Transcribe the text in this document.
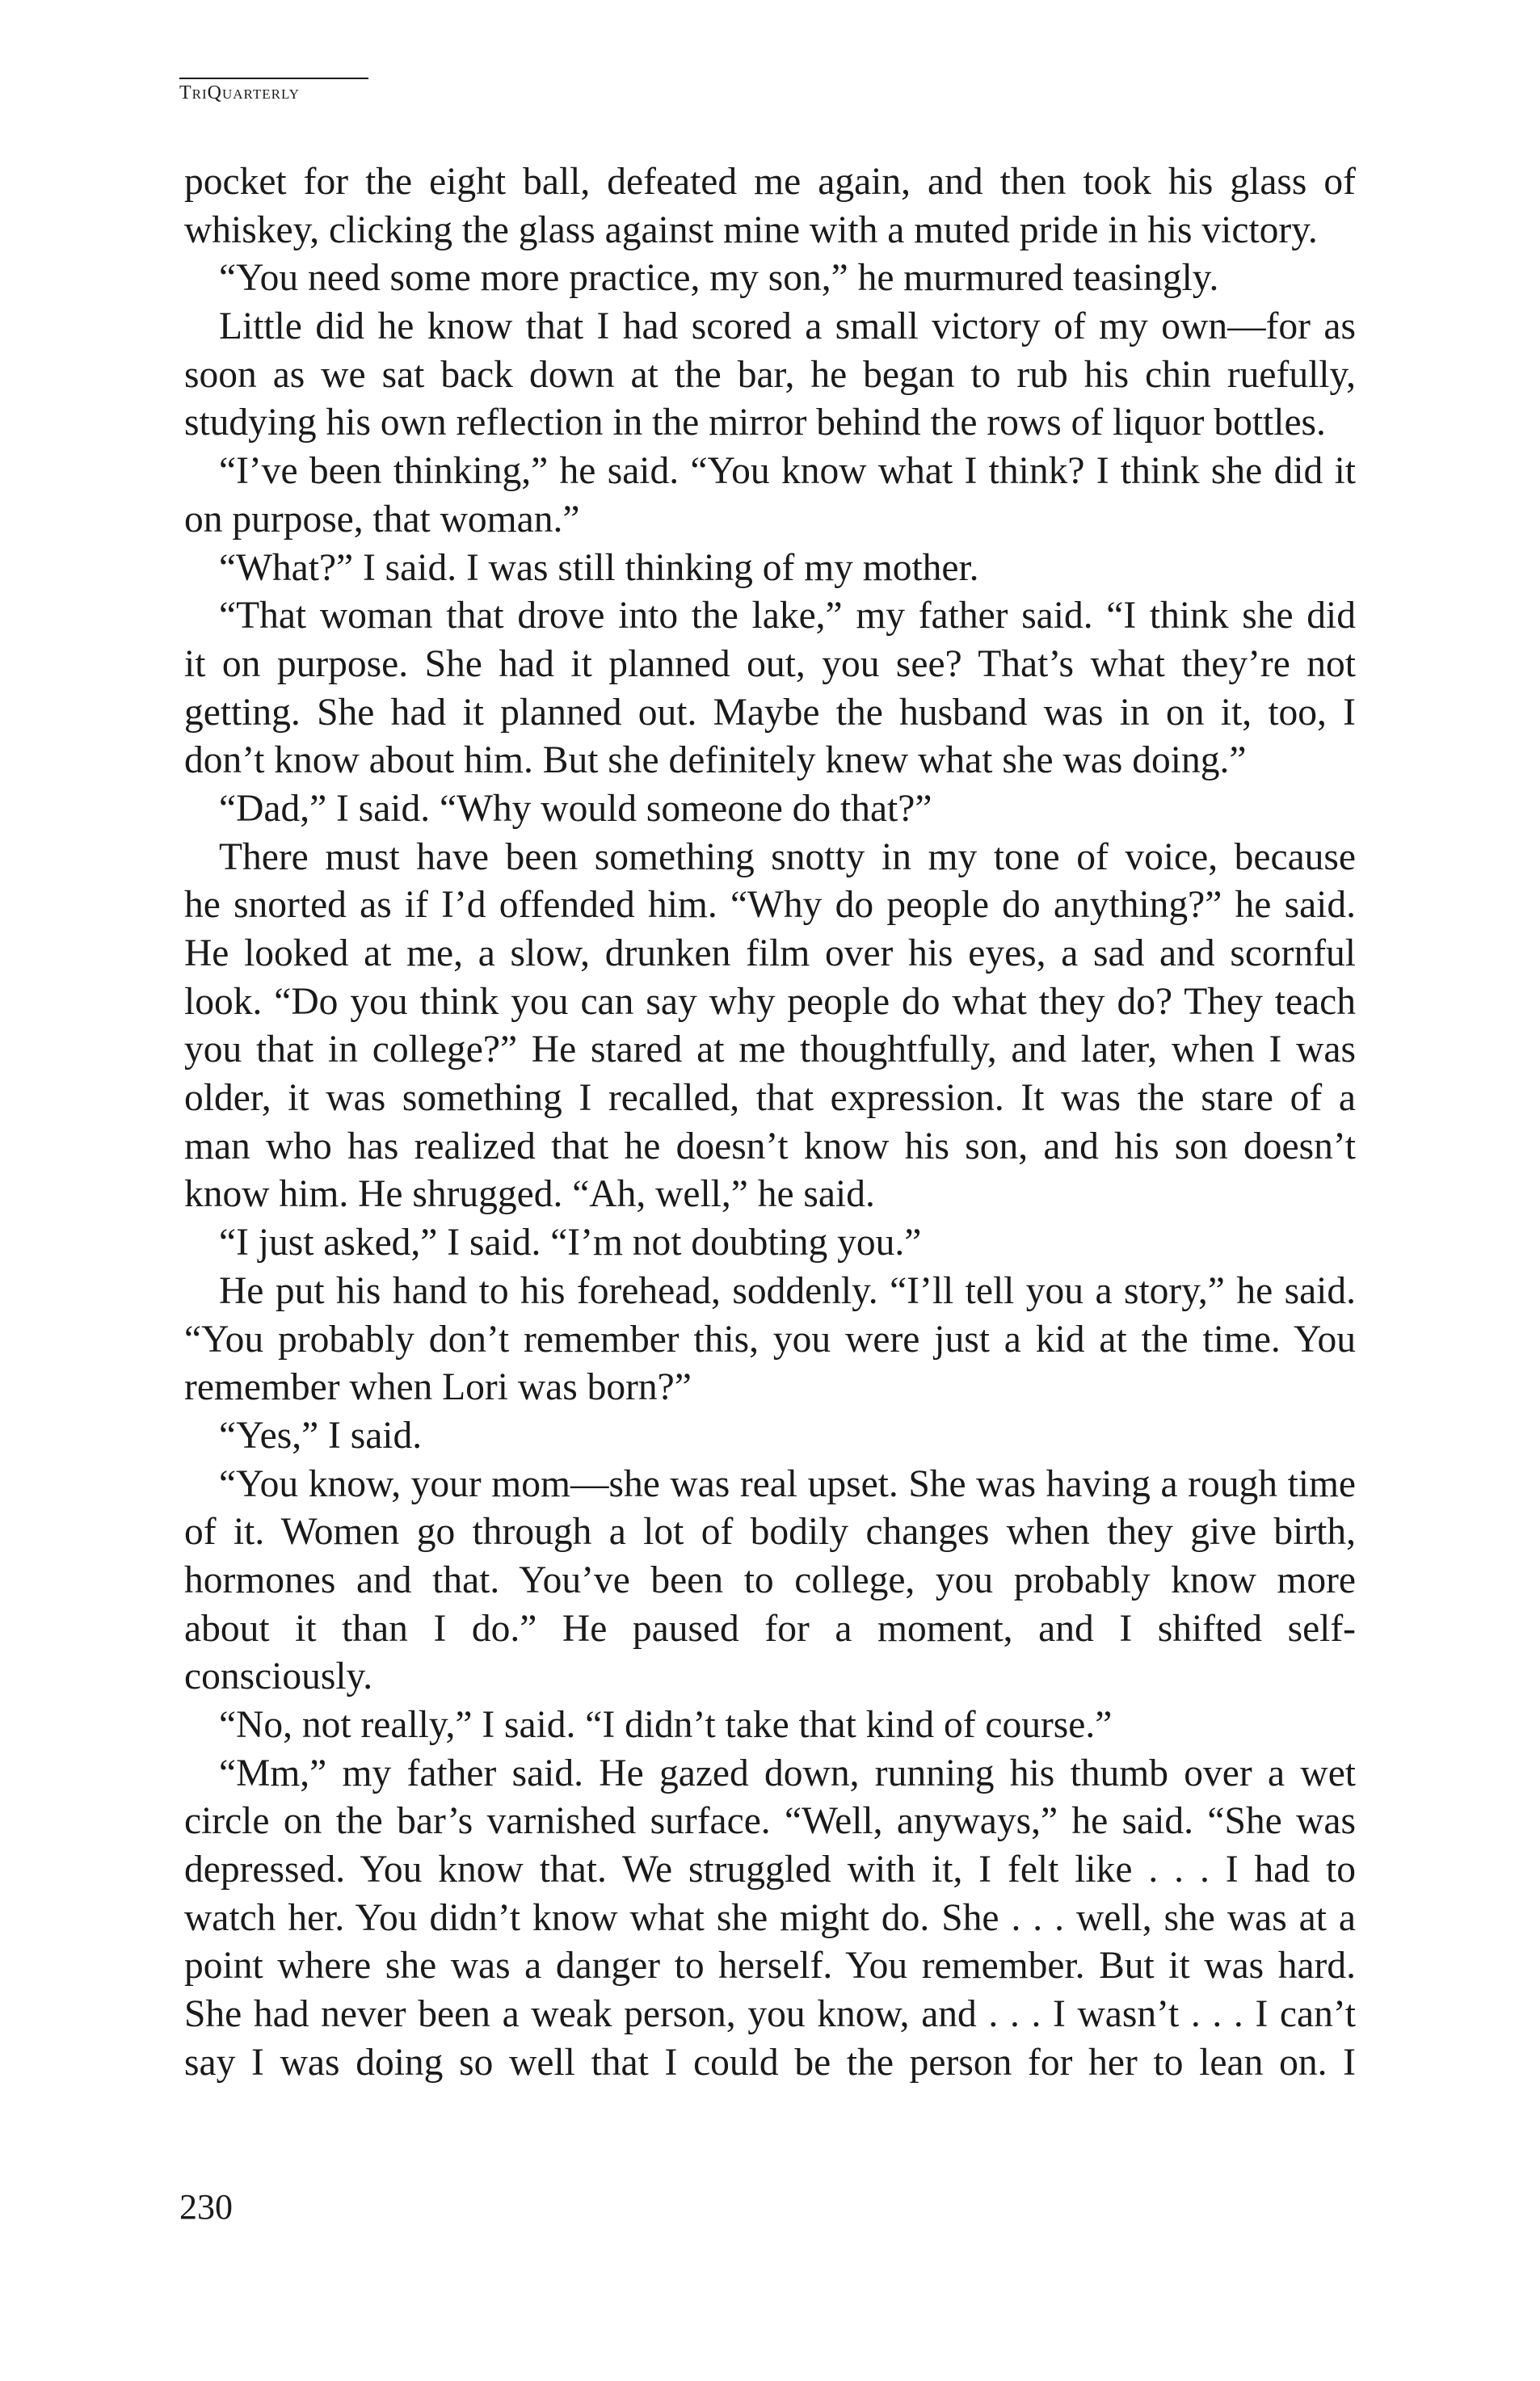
TriQuarterly
pocket for the eight ball, defeated me again, and then took his glass of
whiskey, clicking the glass against mine with a muted pride in his victory.
“You need some more practice, my son,” he murmured teasingly.
Little did he know that I had scored a small victory of my own—for as
soon as we sat back down at the bar, he began to rub his chin ruefully,
studying his own reflection in the mirror behind the rows of liquor bottles.
“I’ve been thinking,” he said. “You know what I think? I think she did it
on purpose, that woman.”
“What?” I said. I was still thinking of my mother.
“That woman that drove into the lake,” my father said. “I think she did
it on purpose. She had it planned out, you see? That’s what they’re not
getting. She had it planned out. Maybe the husband was in on it, too, I
don’t know about him. But she definitely knew what she was doing.”
“Dad,” I said. “Why would someone do that?”
There must have been something snotty in my tone of voice, because
he snorted as if I’d offended him. “Why do people do anything?” he said.
He looked at me, a slow, drunken film over his eyes, a sad and scornful
look. “Do you think you can say why people do what they do? They teach
you that in college?” He stared at me thoughtfully, and later, when I was
older, it was something I recalled, that expression. It was the stare of a
man who has realized that he doesn’t know his son, and his son doesn’t
know him. He shrugged. “Ah, well,” he said.
“I just asked,” I said. “I’m not doubting you.”
He put his hand to his forehead, soddenly. “I’ll tell you a story,” he said.
“You probably don’t remember this, you were just a kid at the time. You
remember when Lori was born?”
“Yes,” I said.
“You know, your mom—she was real upset. She was having a rough time
of it. Women go through a lot of bodily changes when they give birth,
hormones and that. You’ve been to college, you probably know more
about it than I do.” He paused for a moment, and I shifted self-
consciously.
“No, not really,” I said. “I didn’t take that kind of course.”
“Mm,” my father said. He gazed down, running his thumb over a wet
circle on the bar’s varnished surface. “Well, anyways,” he said. “She was
depressed. You know that. We struggled with it, I felt like . . . I had to
watch her. You didn’t know what she might do. She . . . well, she was at a
point where she was a danger to herself. You remember. But it was hard.
She had never been a weak person, you know, and . . . I wasn’t . . . I can’t
say I was doing so well that I could be the person for her to lean on. I
230
